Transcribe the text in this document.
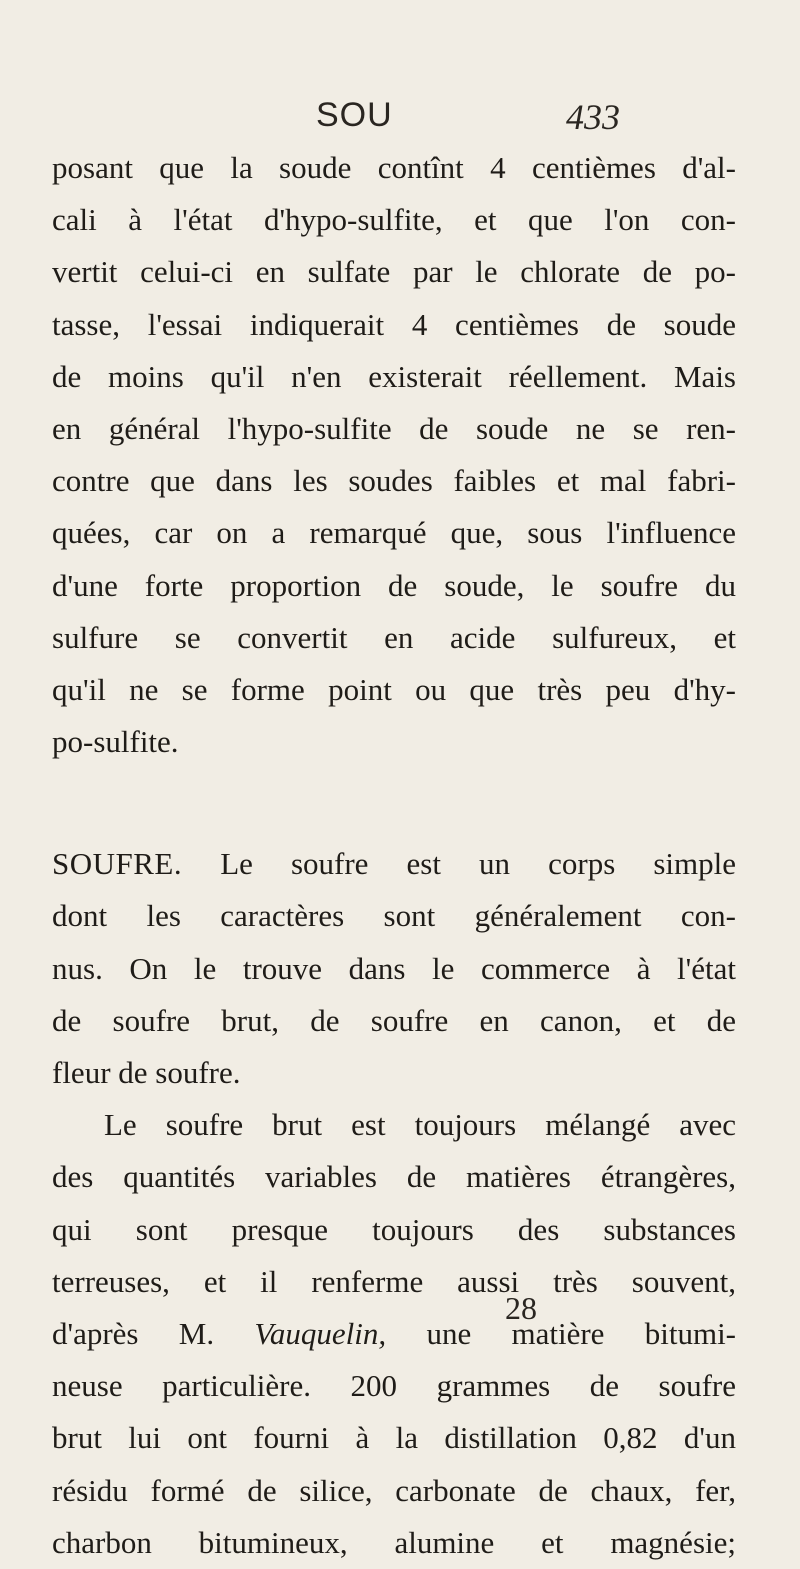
SOU	433
posant que la soude contînt 4 centièmes d'al-
cali à l'état d'hypo-sulfite, et que l'on con-
vertit celui-ci en sulfate par le chlorate de po-
tasse, l'essai indiquerait 4 centièmes de soude
de moins qu'il n'en existerait réellement. Mais
en général l'hypo-sulfite de soude ne se ren-
contre que dans les soudes faibles et mal fabri-
quées, car on a remarqué que, sous l'influence
d'une forte proportion de soude, le soufre du
sulfure se convertit en acide sulfureux, et
qu'il ne se forme point ou que très peu d'hy-
po-sulfite.
SOUFRE. Le soufre est un corps simple
dont les caractères sont généralement con-
nus. On le trouve dans le commerce à l'état
de soufre brut, de soufre en canon, et de
fleur de soufre.
Le soufre brut est toujours mélangé avec
des quantités variables de matières étrangères,
qui sont presque toujours des substances
terreuses, et il renferme aussi très souvent,
d'après M. Vauquelin, une matière bitumi-
neuse particulière. 200 grammes de soufre
brut lui ont fourni à la distillation 0,82 d'un
résidu formé de silice, carbonate de chaux, fer,
charbon bitumineux, alumine et magnésie;
28
